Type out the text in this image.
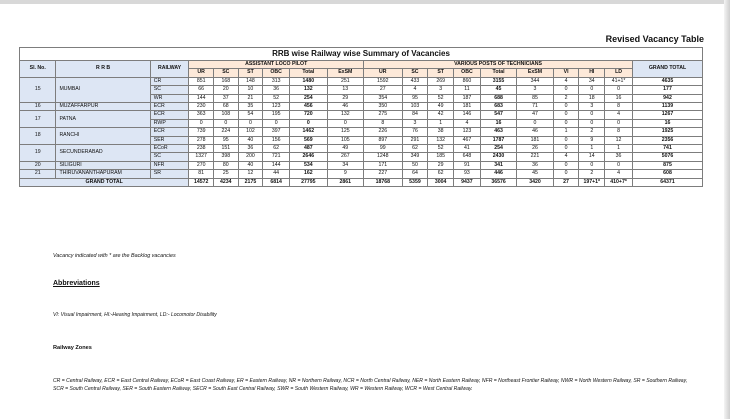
Revised Vacancy Table
RRB wise Railway wise Summary of Vacancies																		
Sl. No.	R R B	RAILWAY	ASSISTANT LOCO PILOT						VARIOUS POSTS OF TECHNICIANS									GRAND TOTAL
			UR	SC	ST	OBC	Total	ExSM	UR	SC	ST	OBC	Total	ExSM	VI	HI	LD	
15	MUMBAI	CR	851	168	148	313	1480	251	1592	433	269	860	3155	344	4	34	41+1*	4635
		SC	66	20	10	36	132	13	27	4	3	11	45	3	0	0	0	177
		WR	144	37	21	52	254	29	354	95	52	187	688	85	2	18	16	942
16	MUZAFFARPUR	ECR	230	68	35	123	456	46	350	103	49	181	683	71	0	3	8	1139
17	PATNA	ECR	363	108	54	195	720	132	275	84	42	146	547	47	0	0	4	1267
		RWP	0	0	0	0	0	0	8	3	1	4	16	0	0	0	0	16
18	RANCHI	ECR	739	224	102	397	1462	125	226	76	38	123	463	46	1	2	8	1925
		SER	278	95	40	156	569	105	897	291	132	467	1787	181	0	9	12	2356
19	SECUNDERABAD	ECoR	238	151	36	62	487	49	99	62	52	41	254	26	0	1	1	741
		SC	1327	398	200	721	2646	267	1248	349	185	648	2430	221	4	14	36	5076
20	SILIGURI	NFR	270	80	40	144	534	34	171	50	29	91	341	36	0	0	0	875
21	THIRUVANANTHAPURAM	SR	81	25	12	44	162	9	227	64	62	93	446	45	0	2	4	608
GRAND TOTAL			14572	4234	2175	6814	27795	2861	18768	5359	3004	9437	36576	3420	27	197+1*	410+7*	64371
Vacancy indicated with * are the Backlog vacancies
Abbreviations
VI: Visual Impairment, HI:-Hearing Impairment, LD:- Locomotor Disability
Railway Zones
CR = Central Railway, ECR = East Central Railway, ECoR = East Coast Railway, ER = Eastern Railway, NR = Northern Railway, NCR = North Central Railway, NER = North Eastern Railway, NFR = Northeast Frontier Railway, NWR = North Western Railway, SR = Southern Railway, SCR = South Central Railway, SER = South Eastern Railway, SECR = South East Central Railway, SWR = South Western Railway, WR = Western Railway, WCR = West Central Railway.
